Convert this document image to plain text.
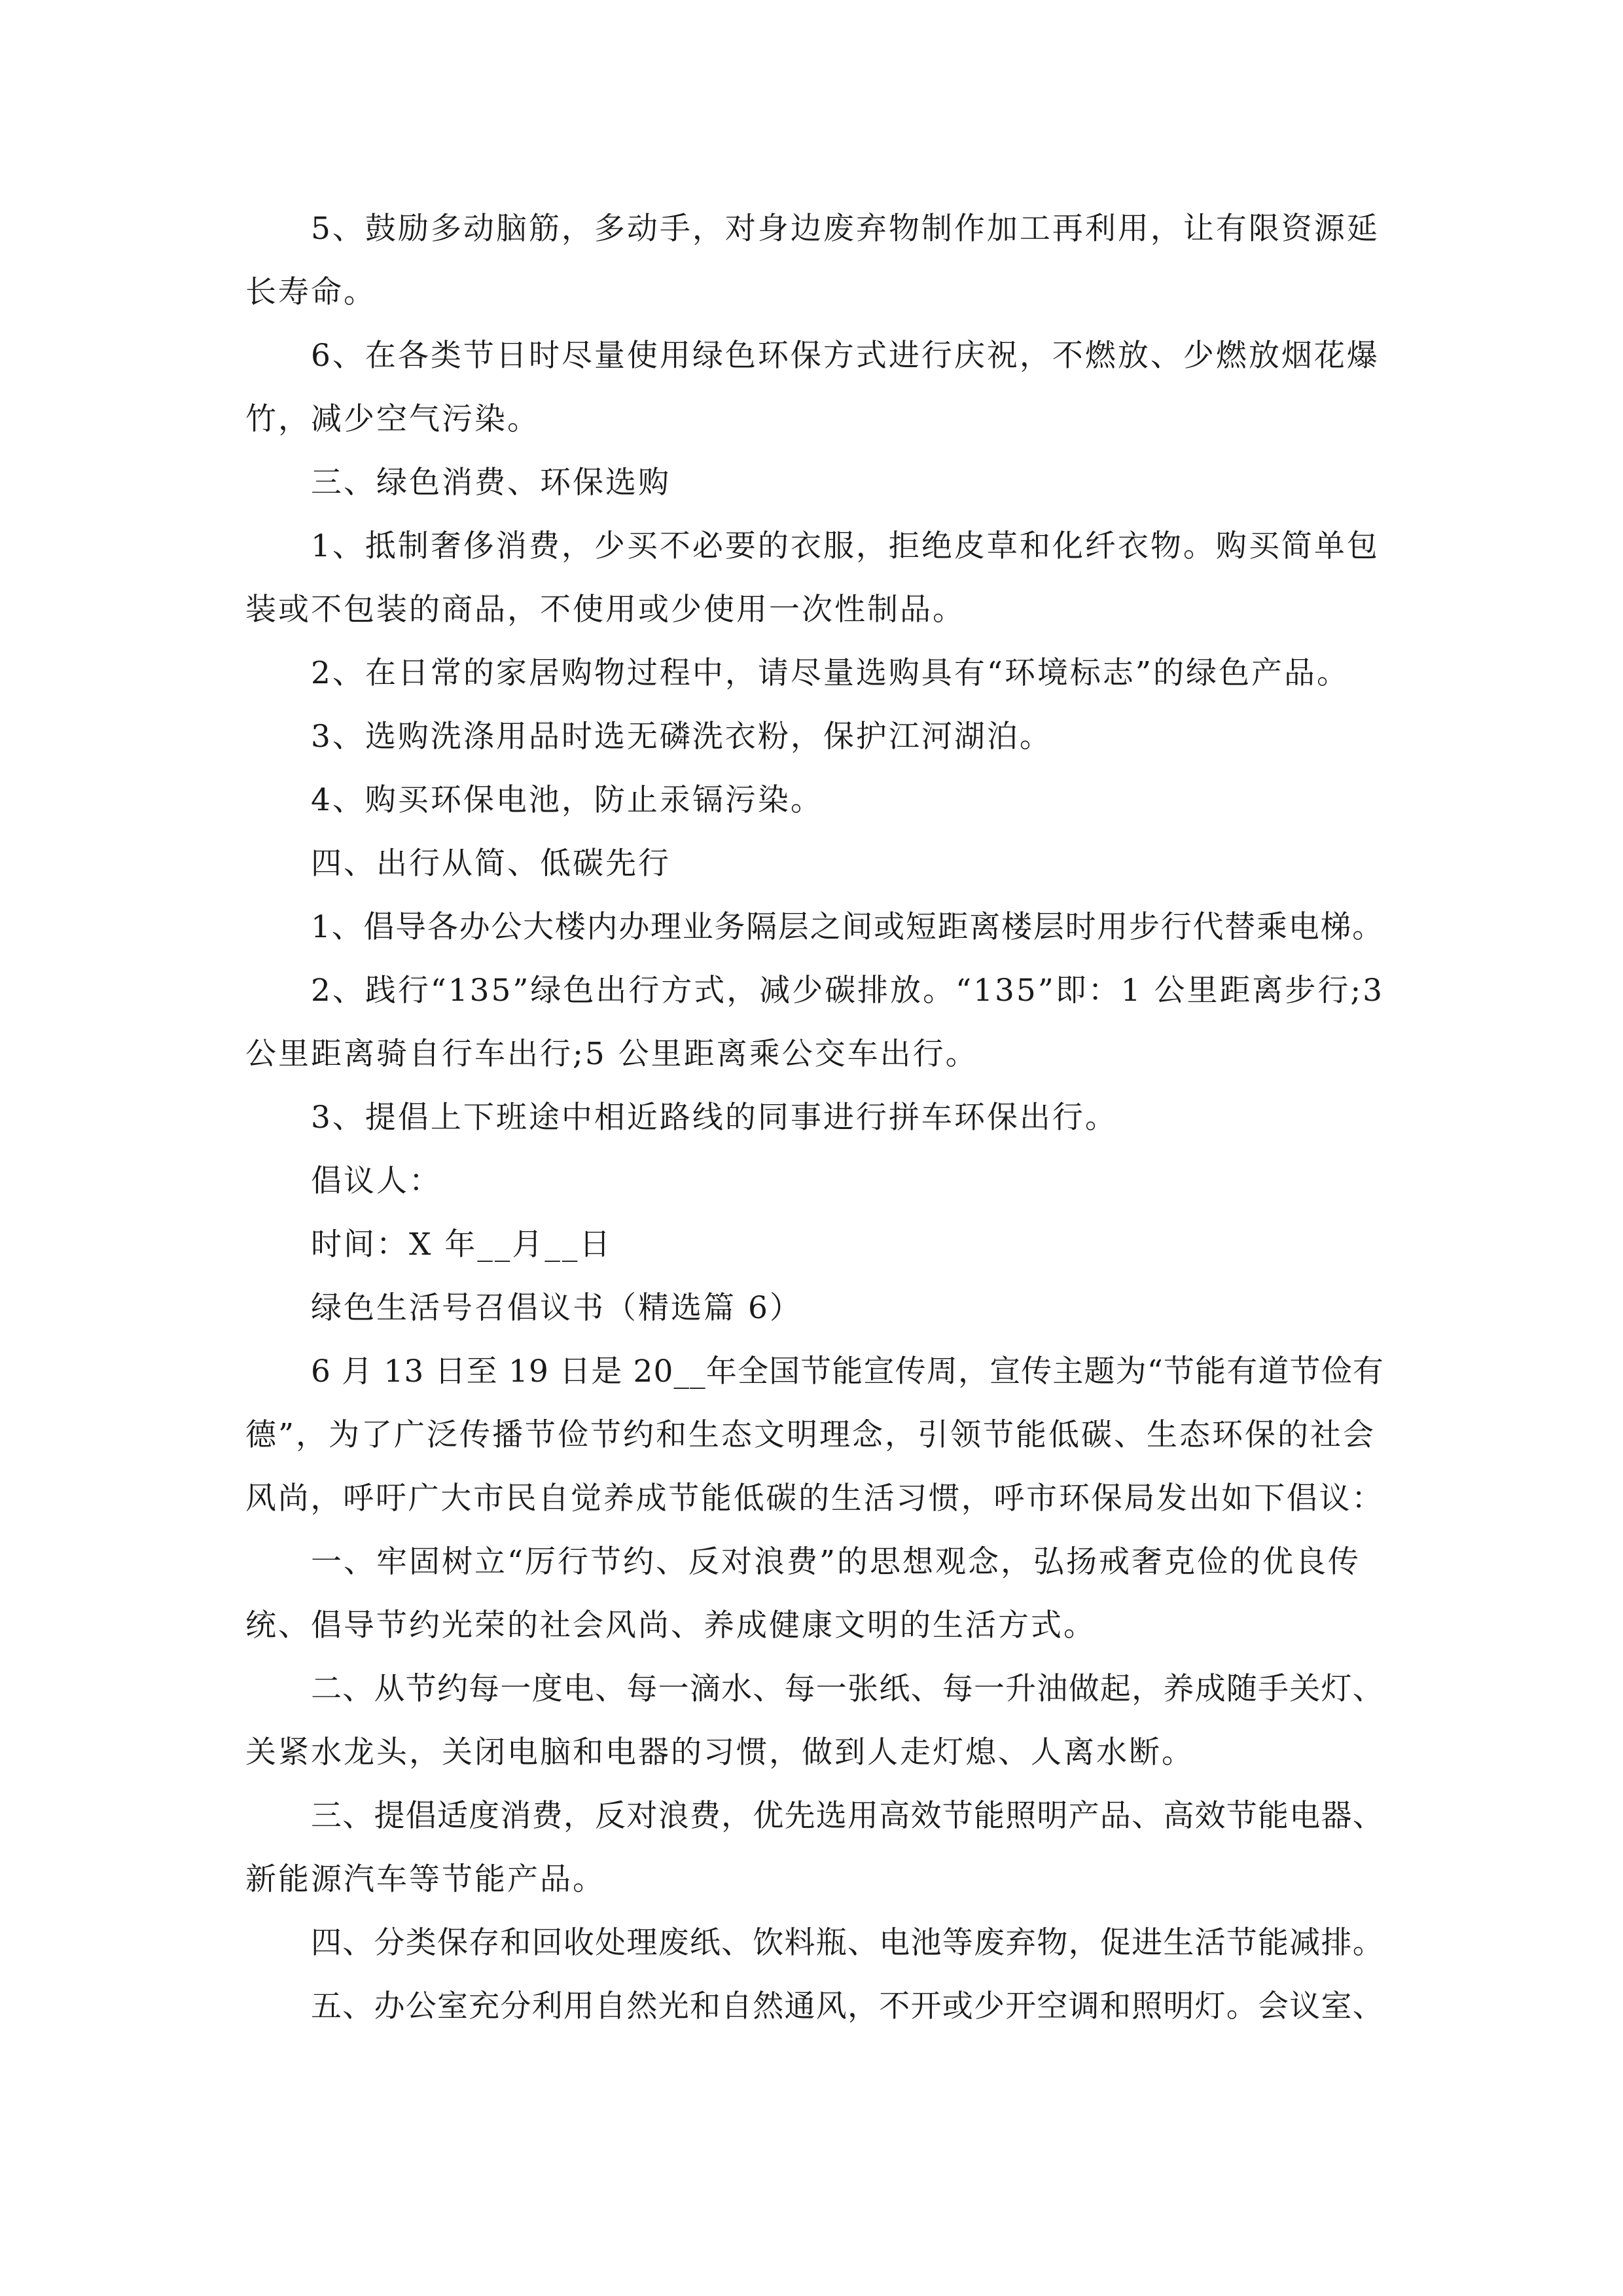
5、鼓励多动脑筋，多动手，对身边废弃物制作加工再利用，让有限资源延
长寿命。
6、在各类节日时尽量使用绿色环保方式进行庆祝，不燃放、少燃放烟花爆
竹，减少空气污染。
三、绿色消费、环保选购
1、抵制奢侈消费，少买不必要的衣服，拒绝皮草和化纤衣物。购买简单包
装或不包装的商品，不使用或少使用一次性制品。
2、在日常的家居购物过程中，请尽量选购具有“环境标志”的绿色产品。
3、选购洗涤用品时选无磷洗衣粉，保护江河湖泊。
4、购买环保电池，防止汞镉污染。
四、出行从简、低碳先行
1、倡导各办公大楼内办理业务隔层之间或短距离楼层时用步行代替乘电梯。
2、践行“135”绿色出行方式，减少碳排放。“135”即：1 公里距离步行;3
公里距离骑自行车出行;5 公里距离乘公交车出行。
3、提倡上下班途中相近路线的同事进行拼车环保出行。
倡议人：
时间：X 年__月__日
绿色生活号召倡议书（精选篇 6）
6 月 13 日至 19 日是 20__年全国节能宣传周，宣传主题为“节能有道节俭有
德”，为了广泛传播节俭节约和生态文明理念，引领节能低碳、生态环保的社会
风尚，呼吁广大市民自觉养成节能低碳的生活习惯，呼市环保局发出如下倡议：
一、牢固树立“厉行节约、反对浪费”的思想观念，弘扬戒奢克俭的优良传
统、倡导节约光荣的社会风尚、养成健康文明的生活方式。
二、从节约每一度电、每一滴水、每一张纸、每一升油做起，养成随手关灯、
关紧水龙头，关闭电脑和电器的习惯，做到人走灯熄、人离水断。
三、提倡适度消费，反对浪费，优先选用高效节能照明产品、高效节能电器、
新能源汽车等节能产品。
四、分类保存和回收处理废纸、饮料瓶、电池等废弃物，促进生活节能减排。
五、办公室充分利用自然光和自然通风，不开或少开空调和照明灯。会议室、
